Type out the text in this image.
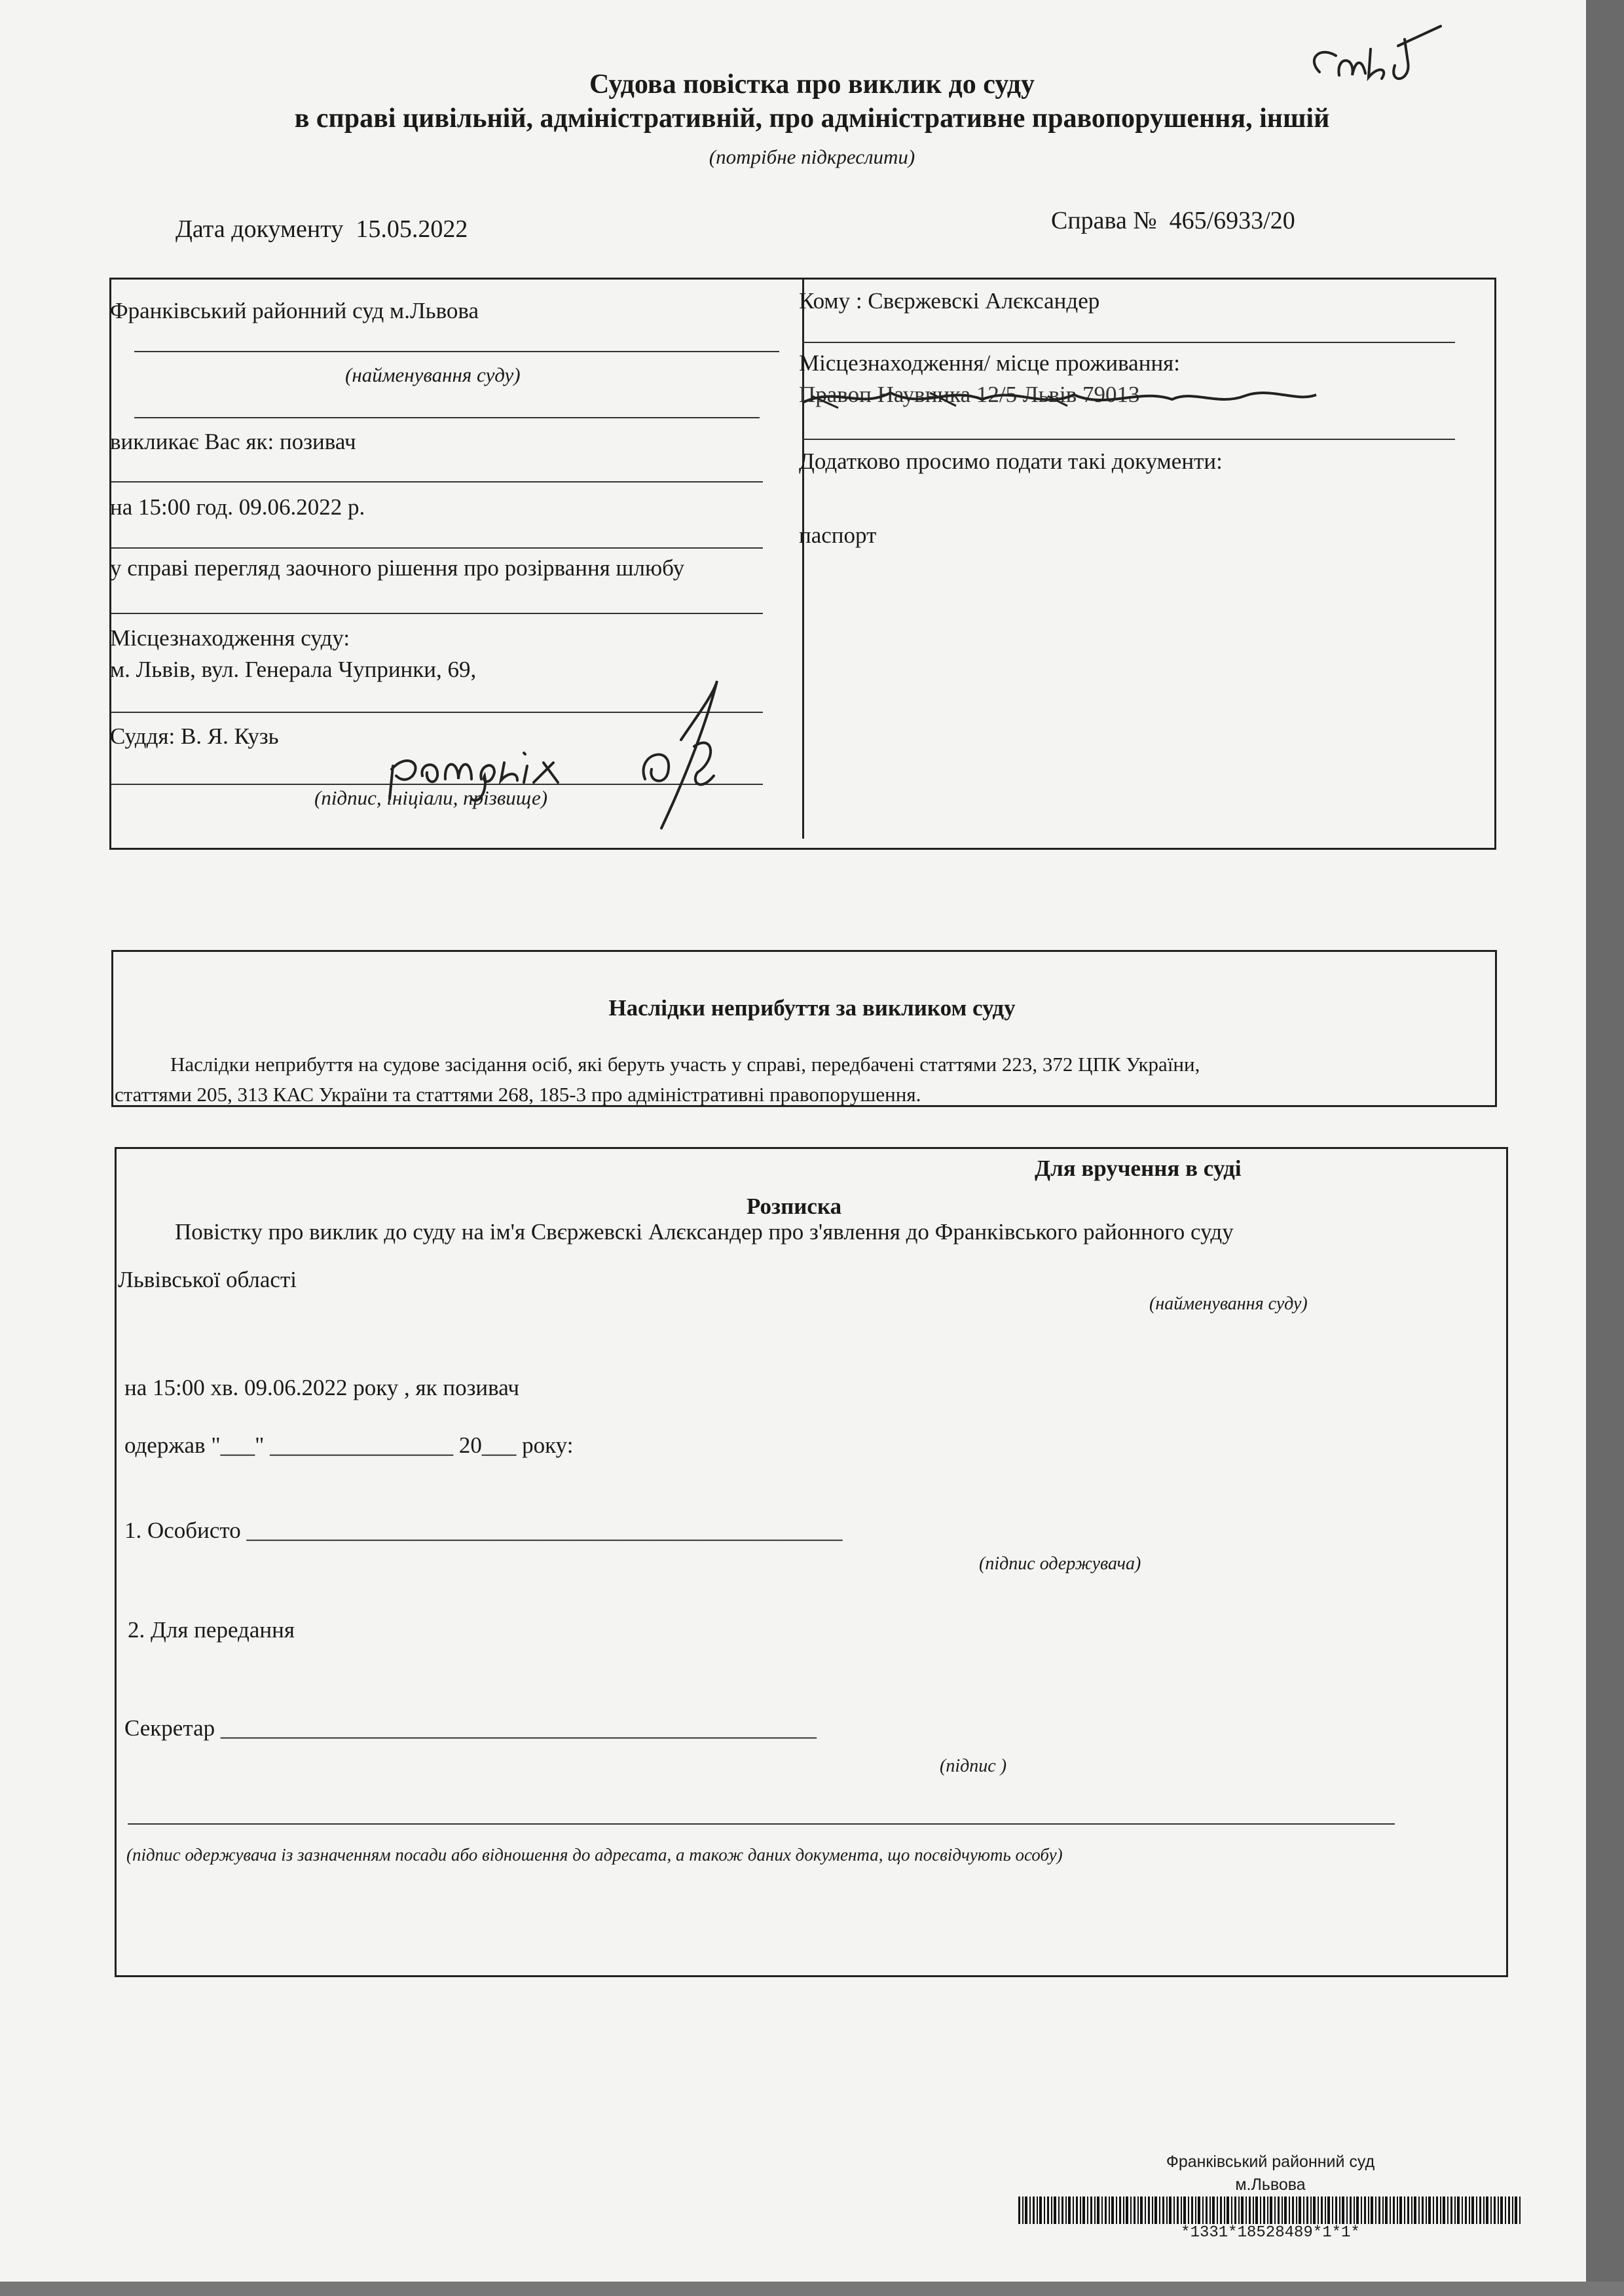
Судова повістка про виклик до суду
в справі цивільній, адміністративній, про адміністративне правопорушення, іншій
(потрібне підкреслити)
Дата документу 15.05.2022	Справа № 465/6933/20
Франківський районний суд м.Львова
(найменування суду)
викликає Вас як: позивач
на 15:00 год. 09.06.2022 р.
у справі перегляд заочного рішення про розірвання шлюбу
Місцезнаходження суду:
м. Львів, вул. Генерала Чупринки, 69,
Суддя: В. Я. Кузь
(підпис, ініціали, прізвище)
Кому : Свєржевскі Алєксандер
Місцезнаходження/ місце проживання:
Правоп Наувника 12/5 Львів 79013
Додатково просимо подати такі документи:
паспорт
Наслідки неприбуття за викликом суду
Наслідки неприбуття на судове засідання осіб, які беруть участь у справі, передбачені статтями 223, 372 ЦПК України,
статтями 205, 313 КАС України та статтями 268, 185-3 про адміністративні правопорушення.
Для вручення в суді
Розписка
Повістку про виклик до суду на ім'я Свєржевскі Алєксандер про з'явлення до Франківського районного суду
Львівської області
(найменування суду)
на 15:00 хв. 09.06.2022 року , як позивач
одержав "___" ________________ 20___ року:
1. Особисто ____________________________________________________
(підпис одержувача)
2. Для передання
Секретар ____________________________________________________
(підпис )
(підпис одержувача із зазначенням посади або відношення до адресата, а також даних документа, що посвідчують особу)
Франківський районний суд
м.Львова
*1331*18528489*1*1*
